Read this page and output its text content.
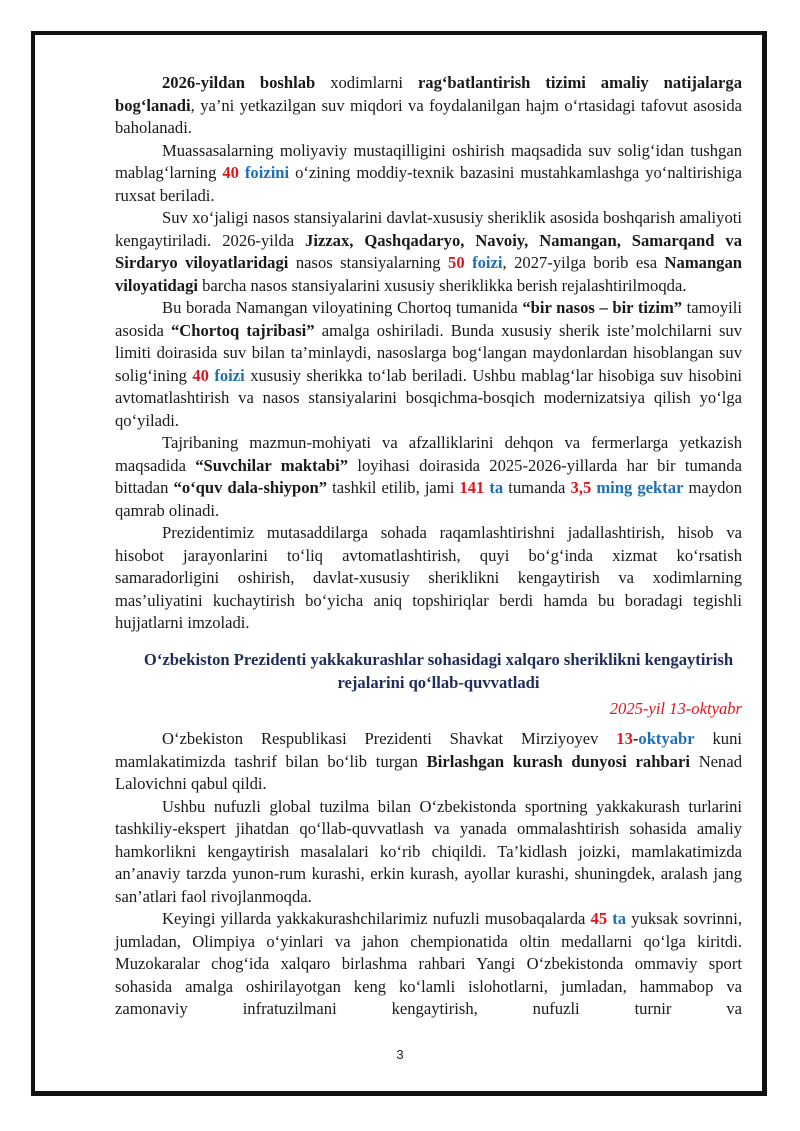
2026-yildan boshlab xodimlarni rag‘batlantirish tizimi amaliy natijalarga bog‘lanadi, ya’ni yetkazilgan suv miqdori va foydalanilgan hajm o‘rtasidagi tafovut asosida baholanadi.

Muassasalarning moliyaviy mustaqilligini oshirish maqsadida suv solig‘idan tushgan mablag‘larning 40 foizini o‘zining moddiy-texnik bazasini mustahkamlashga yo‘naltirishiga ruxsat beriladi.

Suv xo‘jaligi nasos stansiyalarini davlat-xususiy sheriklik asosida boshqarish amaliyoti kengaytiriladi. 2026-yilda Jizzax, Qashqadaryo, Navoiy, Namangan, Samarqand va Sirdaryo viloyatlaridagi nasos stansiyalarning 50 foizi, 2027-yilga borib esa Namangan viloyatidagi barcha nasos stansiyalarini xususiy sheriklikka berish rejalashtirilmoqda.

Bu borada Namangan viloyatining Chortoq tumanida “bir nasos – bir tizim” tamoyili asosida “Chortoq tajribasi” amalga oshiriladi. Bunda xususiy sherik iste’molchilarni suv limiti doirasida suv bilan ta’minlaydi, nasoslarga bog‘langan maydonlardan hisoblangan suv solig‘ining 40 foizi xususiy sherikka to‘lab beriladi. Ushbu mablag‘lar hisobiga suv hisobini avtomatlashtirish va nasos stansiyalarini bosqichma-bosqich modernizatsiya qilish yo‘lga qo‘yiladi.

Tajribaning mazmun-mohiyati va afzalliklarini dehqon va fermerlarga yetkazish maqsadida “Suvchilar maktabi” loyihasi doirasida 2025-2026-yillarda har bir tumanda bittadan “o‘quv dala-shiypon” tashkil etilib, jami 141 ta tumanda 3,5 ming gektar maydon qamrab olinadi.

Prezidentimiz mutasaddilarga sohada raqamlashtirishni jadallashtirish, hisob va hisobot jarayonlarini to‘liq avtomatlashtirish, quyi bo‘g‘inda xizmat ko‘rsatish samaradorligini oshirish, davlat-xususiy sheriklikni kengaytirish va xodimlarning mas’uliyatini kuchaytirish bo‘yicha aniq topshiriqlar berdi hamda bu boradagi tegishli hujjatlarni imzoladi.

O‘zbekiston Prezidenti yakkakurashlar sohasidagi xalqaro sheriklikni kengaytirish rejalarini qo‘llab-quvvatladi
2025-yil 13-oktyabr

O‘zbekiston Respublikasi Prezidenti Shavkat Mirziyoyev 13-oktyabr kuni mamlakatimizda tashrif bilan bo‘lib turgan Birlashgan kurash dunyosi rahbari Nenad Lalovichni qabul qildi.

Ushbu nufuzli global tuzilma bilan O‘zbekistonda sportning yakkakurash turlarini tashkiliy-ekspert jihatdan qo‘llab-quvvatlash va yanada ommalashtirish sohasida amaliy hamkorlikni kengaytirish masalalari ko‘rib chiqildi. Ta’kidlash joizki, mamlakatimizda an’anaviy tarzda yunon-rum kurashi, erkin kurash, ayollar kurashi, shuningdek, aralash jang san’atlari faol rivojlanmoqda.

Keyingi yillarda yakkakurashchilarimiz nufuzli musobaqalarda 45 ta yuksak sovrinni, jumladan, Olimpiya o‘yinlari va jahon chempionatida oltin medallarni qo‘lga kiritdi. Muzokaralar chog‘ida xalqaro birlashma rahbari Yangi O‘zbekistonda ommaviy sport sohasida amalga oshirilayotgan keng ko‘lamli islohotlarni, jumladan, hammabop va zamonaviy infratuzilmani kengaytirish, nufuzli turnir va

3
